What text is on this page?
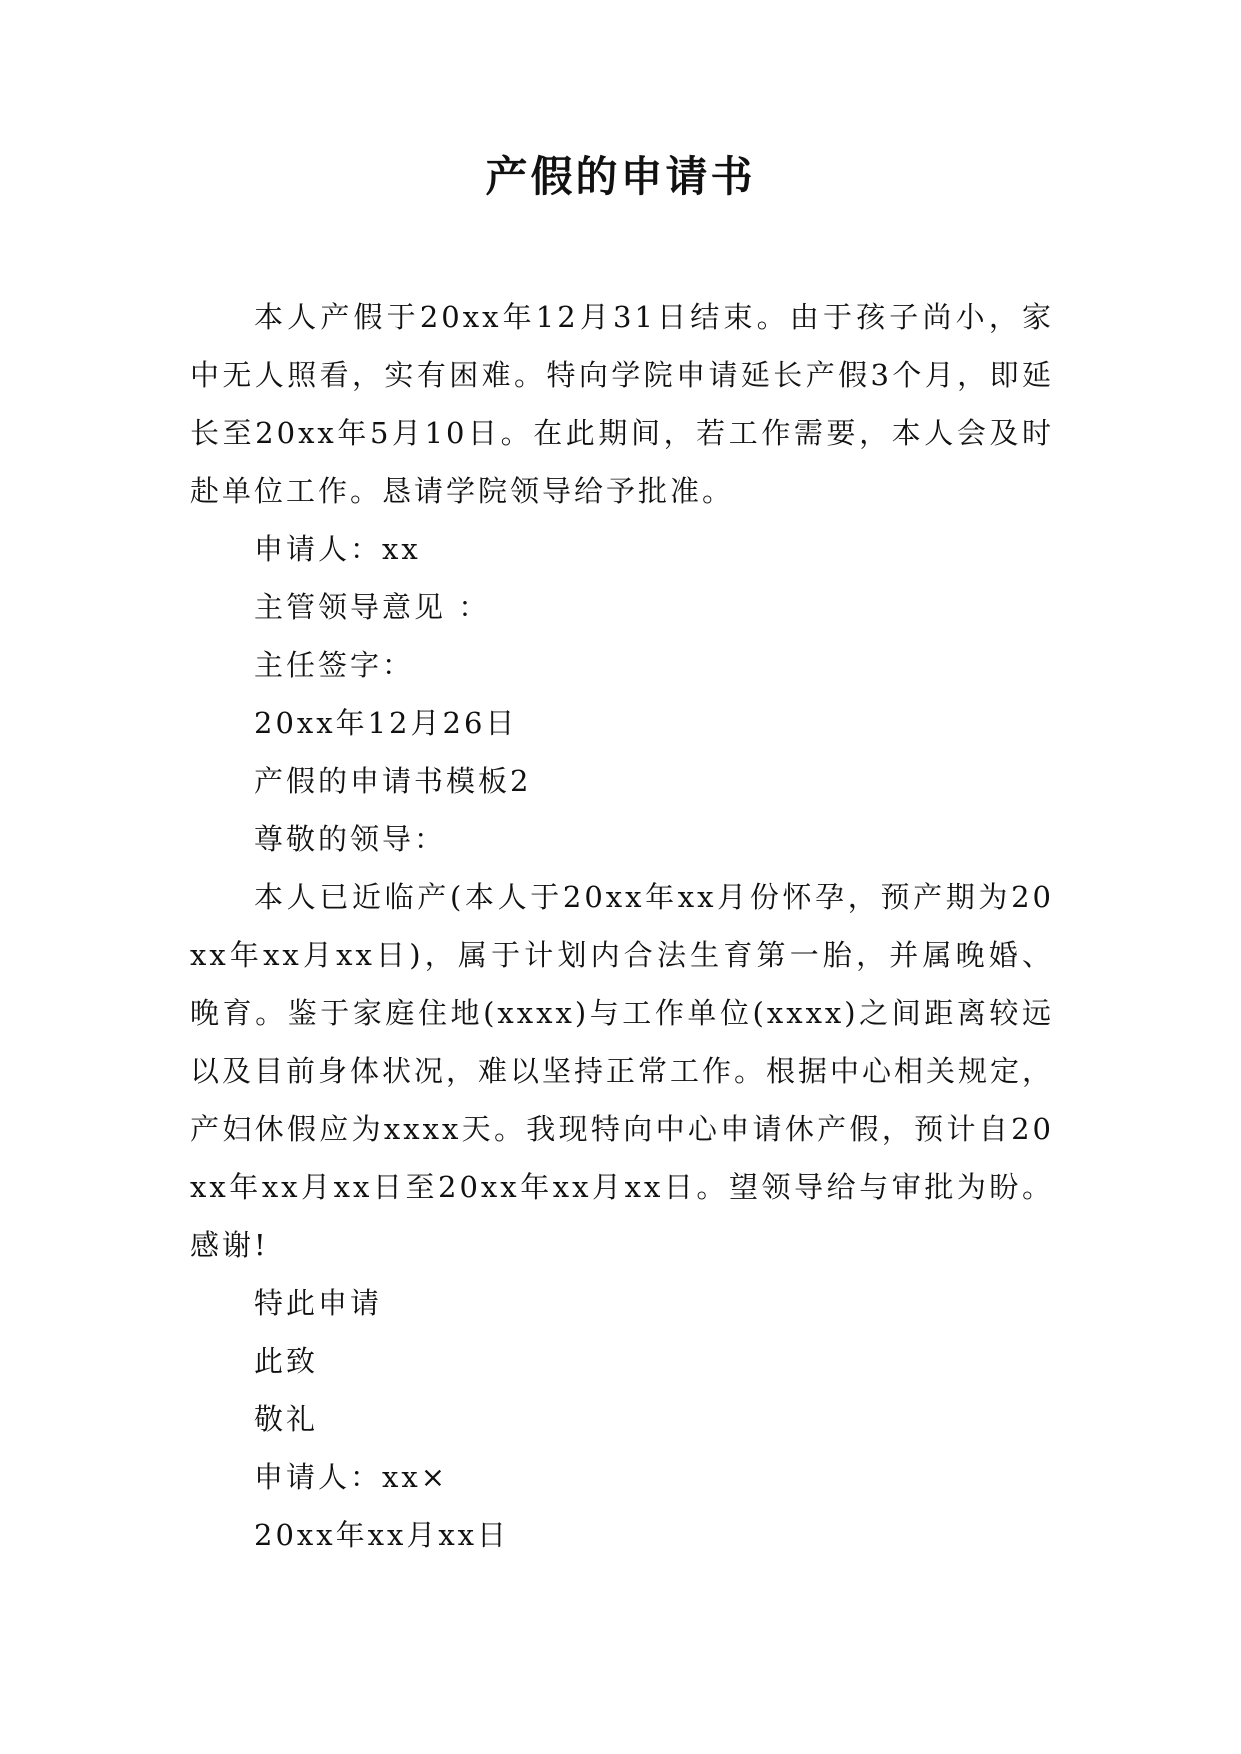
产假的申请书

本人产假于20xx年12月31日结束。由于孩子尚小，家中无人照看，实有困难。特向学院申请延长产假3个月，即延长至20xx年5月10日。在此期间，若工作需要，本人会及时赴单位工作。恳请学院领导给予批准。

申请人：xx

主管领导意见 ：

主任签字：

20xx年12月26日

产假的申请书模板2

尊敬的领导：

本人已近临产(本人于20xx年xx月份怀孕，预产期为20xx年xx月xx日)，属于计划内合法生育第一胎，并属晚婚、晚育。鉴于家庭住地(xxxx)与工作单位(xxxx)之间距离较远以及目前身体状况，难以坚持正常工作。根据中心相关规定，产妇休假应为xxxx天。我现特向中心申请休产假，预计自20xx年xx月xx日至20xx年xx月xx日。望领导给与审批为盼。感谢!

特此申请

此致

敬礼

申请人：xx×

20xx年xx月xx日
